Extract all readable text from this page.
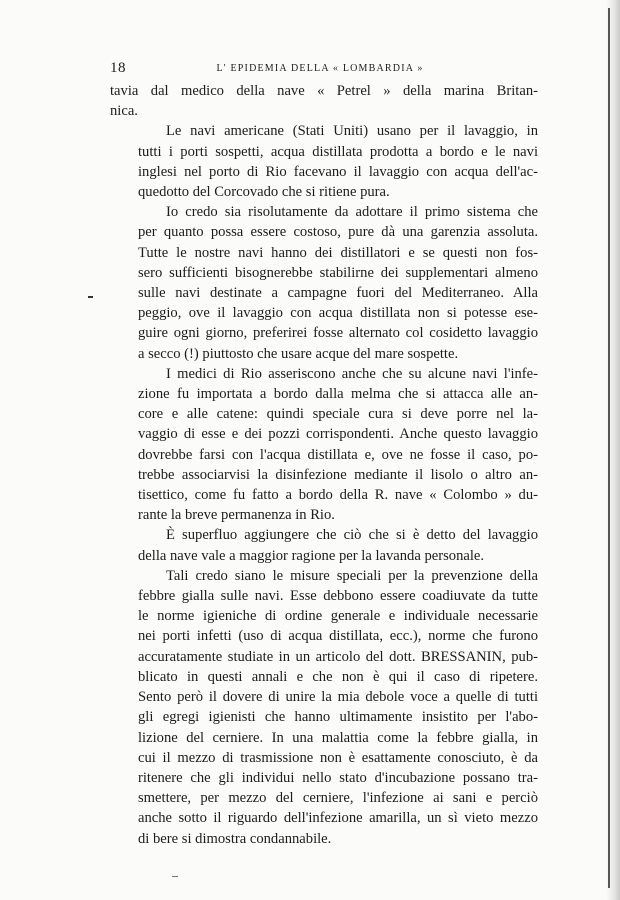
18	L' EPIDEMIA DELLA « LOMBARDIA »

tavia dal medico della nave « Petrel » della marina Britan-
nica.

Le navi americane (Stati Uniti) usano per il lavaggio, in
tutti i porti sospetti, acqua distillata prodotta a bordo e le navi
inglesi nel porto di Rio facevano il lavaggio con acqua dell'ac-
quedotto del Corcovado che si ritiene pura.

Io credo sia risolutamente da adottare il primo sistema che
per quanto possa essere costoso, pure dà una garenzia assoluta.
Tutte le nostre navi hanno dei distillatori e se questi non fos-
sero sufficienti bisognerebbe stabilirne dei supplementari almeno
sulle navi destinate a campagne fuori del Mediterraneo. Alla
peggio, ove il lavaggio con acqua distillata non si potesse ese-
guire ogni giorno, preferirei fosse alternato col cosidetto lavaggio
a secco (!) piuttosto che usare acque del mare sospette.

I medici di Rio asseriscono anche che su alcune navi l'infe-
zione fu importata a bordo dalla melma che si attacca alle an-
core e alle catene: quindi speciale cura si deve porre nel la-
vaggio di esse e dei pozzi corrispondenti. Anche questo lavaggio
dovrebbe farsi con l'acqua distillata e, ove ne fosse il caso, po-
trebbe associarvisi la disinfezione mediante il lisolo o altro an-
tisettico, come fu fatto a bordo della R. nave « Colombo » du-
rante la breve permanenza in Rio.

È superfluo aggiungere che ciò che si è detto del lavaggio
della nave vale a maggior ragione per la lavanda personale.

Tali credo siano le misure speciali per la prevenzione della
febbre gialla sulle navi. Esse debbono essere coadiuvate da tutte
le norme igieniche di ordine generale e individuale necessarie
nei porti infetti (uso di acqua distillata, ecc.), norme che furono
accuratamente studiate in un articolo del dott. BRESSANIN, pub-
blicato in questi annali e che non è qui il caso di ripetere.
Sento però il dovere di unire la mia debole voce a quelle di tutti
gli egregi igienisti che hanno ultimamente insistito per l'abo-
lizione del cerniere. In una malattia come la febbre gialla, in
cui il mezzo di trasmissione non è esattamente conosciuto, è da
ritenere che gli individui nello stato d'incubazione possano tra-
smettere, per mezzo del cerniere, l'infezione ai sani e perciò
anche sotto il riguardo dell'infezione amarilla, un sì vieto mezzo
di bere si dimostra condannabile.
